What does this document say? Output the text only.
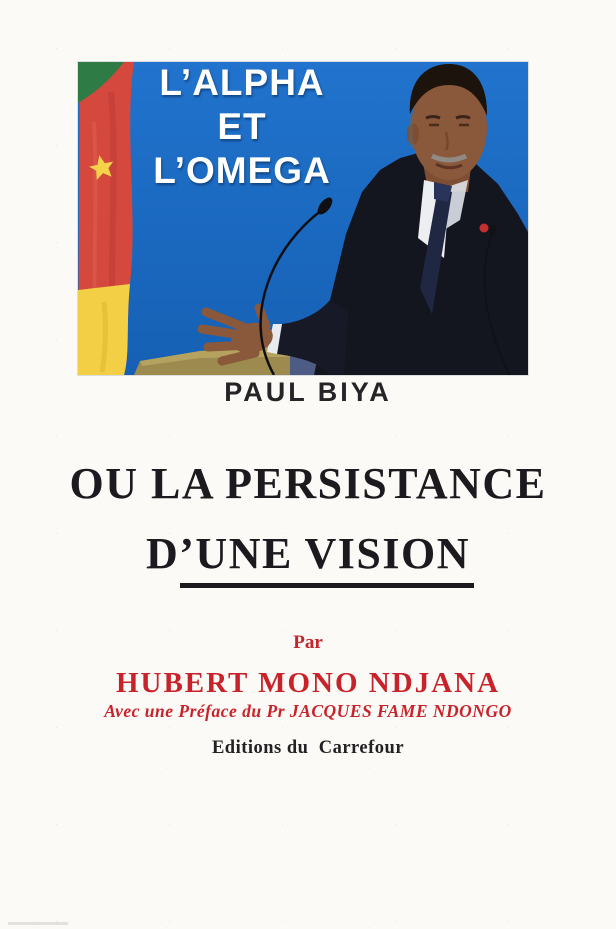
L’ALPHA
ET
L’OMEGA
PAUL BIYA
OU LA PERSISTANCE
D’UNE VISION
Par
HUBERT MONO NDJANA
Avec une Préface du Pr JACQUES FAME NDONGO
Editions du  Carrefour
